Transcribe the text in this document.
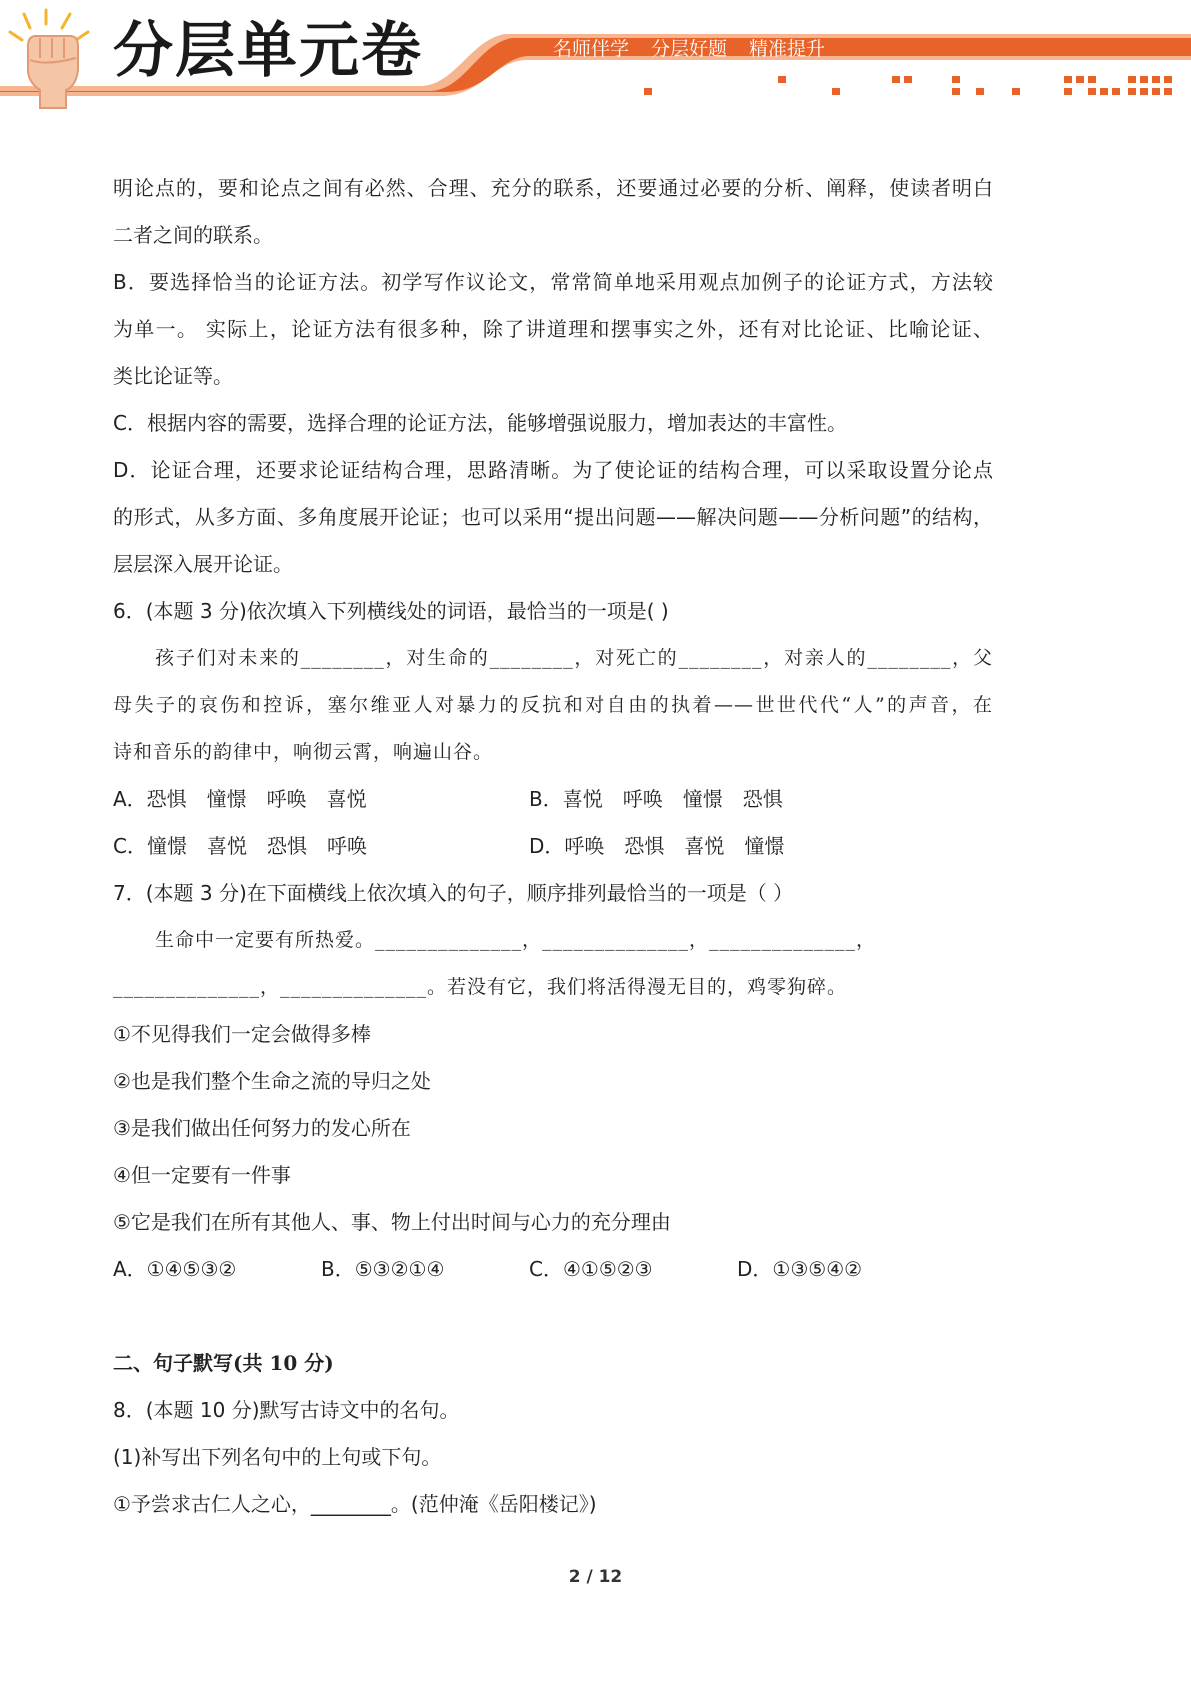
分层单元卷	名师伴学 分层好题 精准提升
明论点的，要和论点之间有必然、合理、充分的联系，还要通过必要的分析、阐释，使读者明白
二者之间的联系。
B．要选择恰当的论证方法。初学写作议论文，常常简单地采用观点加例子的论证方式，方法较
为单一。 实际上，论证方法有很多种，除了讲道理和摆事实之外，还有对比论证、比喻论证、
类比论证等。
C．根据内容的需要，选择合理的论证方法，能够增强说服力，增加表达的丰富性。
D．论证合理，还要求论证结构合理，思路清晰。为了使论证的结构合理，可以采取设置分论点
的形式，从多方面、多角度展开论证；也可以采用“提出问题——解决问题——分析问题”的结构，
层层深入展开论证。
6．(本题 3 分)依次填入下列横线处的词语，最恰当的一项是( )
孩子们对未来的________，对生命的________，对死亡的________，对亲人的________，父
母失子的哀伤和控诉，塞尔维亚人对暴力的反抗和对自由的执着——世世代代“人”的声音，在
诗和音乐的韵律中，响彻云霄，响遍山谷。
A．恐惧　憧憬　呼唤　喜悦	B．喜悦　呼唤　憧憬　恐惧
C．憧憬　喜悦　恐惧　呼唤	D．呼唤　恐惧　喜悦　憧憬
7．(本题 3 分)在下面横线上依次填入的句子，顺序排列最恰当的一项是（ ）
生命中一定要有所热爱。______________，______________，______________，
______________，______________。若没有它，我们将活得漫无目的，鸡零狗碎。
①不见得我们一定会做得多棒
②也是我们整个生命之流的导归之处
③是我们做出任何努力的发心所在
④但一定要有一件事
⑤它是我们在所有其他人、事、物上付出时间与心力的充分理由
A．①④⑤③②	B．⑤③②①④	C．④①⑤②③	D．①③⑤④②
二、句子默写(共 10 分)
8．(本题 10 分)默写古诗文中的名句。
(1)补写出下列名句中的上句或下句。
①予尝求古仁人之心，________。(范仲淹《岳阳楼记》)
2 / 12
